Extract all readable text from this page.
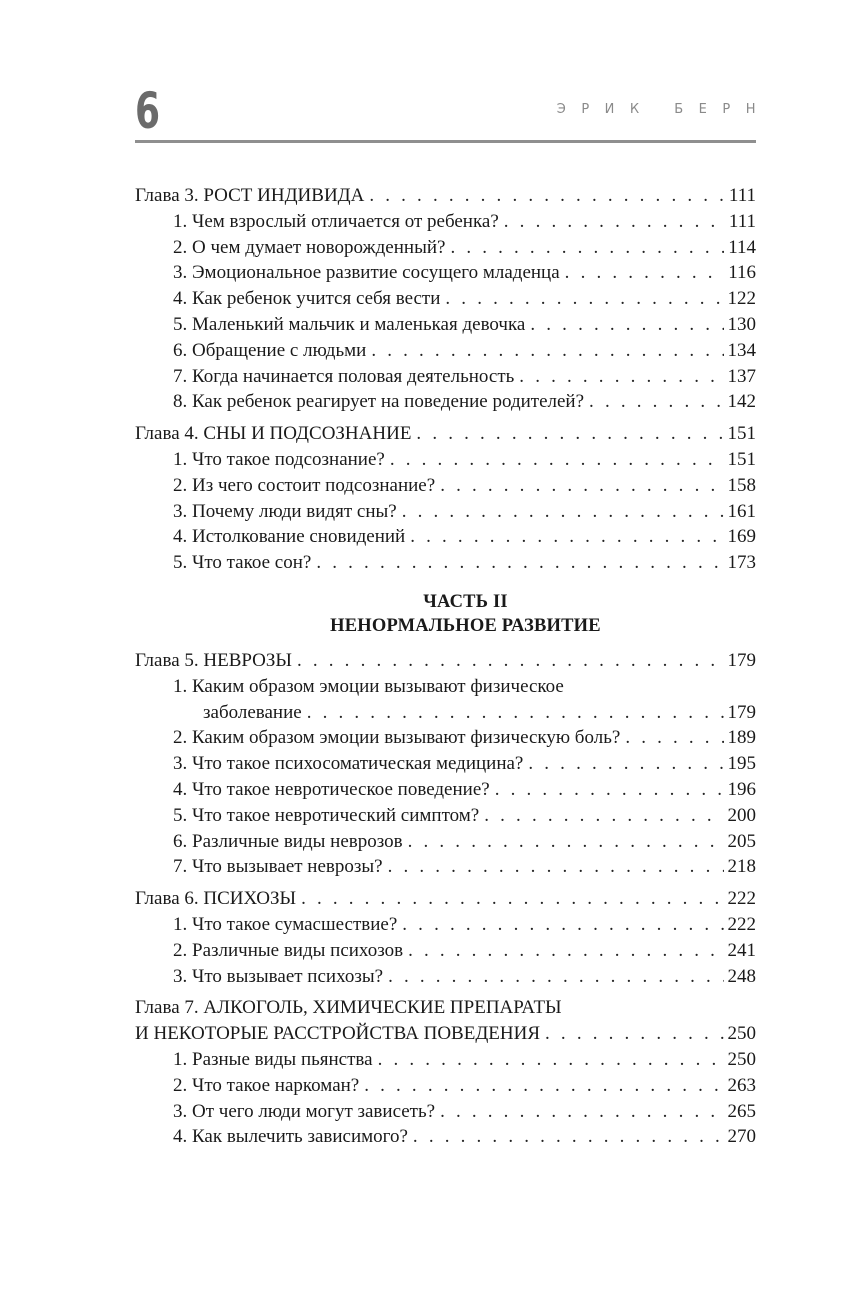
6	ЭРИК БЕРН
Глава 3. РОСТ ИНДИВИДА . . .	111
1. Чем взрослый отличается от ребенка? . . .	111
2. О чем думает новорожденный? . . .	114
3. Эмоциональное развитие сосущего младенца . . .	116
4. Как ребенок учится себя вести . . .	122
5. Маленький мальчик и маленькая девочка . . .	130
6. Обращение с людьми . . .	134
7. Когда начинается половая деятельность . . .	137
8. Как ребенок реагирует на поведение родителей? . . .	142
Глава 4. СНЫ И ПОДСОЗНАНИЕ . . .	151
1. Что такое подсознание? . . .	151
2. Из чего состоит подсознание? . . .	158
3. Почему люди видят сны? . . .	161
4. Истолкование сновидений . . .	169
5. Что такое сон? . . .	173
ЧАСТЬ II
НЕНОРМАЛЬНОЕ РАЗВИТИЕ
Глава 5. НЕВРОЗЫ . . .	179
1. Каким образом эмоции вызывают физическое
заболевание . . .	179
2. Каким образом эмоции вызывают физическую боль? . . .	189
3. Что такое психосоматическая медицина? . . .	195
4. Что такое невротическое поведение? . . .	196
5. Что такое невротический симптом? . . .	200
6. Различные виды неврозов . . .	205
7. Что вызывает неврозы? . . .	218
Глава 6. ПСИХОЗЫ . . .	222
1. Что такое сумасшествие? . . .	222
2. Различные виды психозов . . .	241
3. Что вызывает психозы? . . .	248
Глава 7. АЛКОГОЛЬ, ХИМИЧЕСКИЕ ПРЕПАРАТЫ
И НЕКОТОРЫЕ РАССТРОЙСТВА ПОВЕДЕНИЯ . . .	250
1. Разные виды пьянства . . .	250
2. Что такое наркоман? . . .	263
3. От чего люди могут зависеть? . . .	265
4. Как вылечить зависимого? . . .	270
